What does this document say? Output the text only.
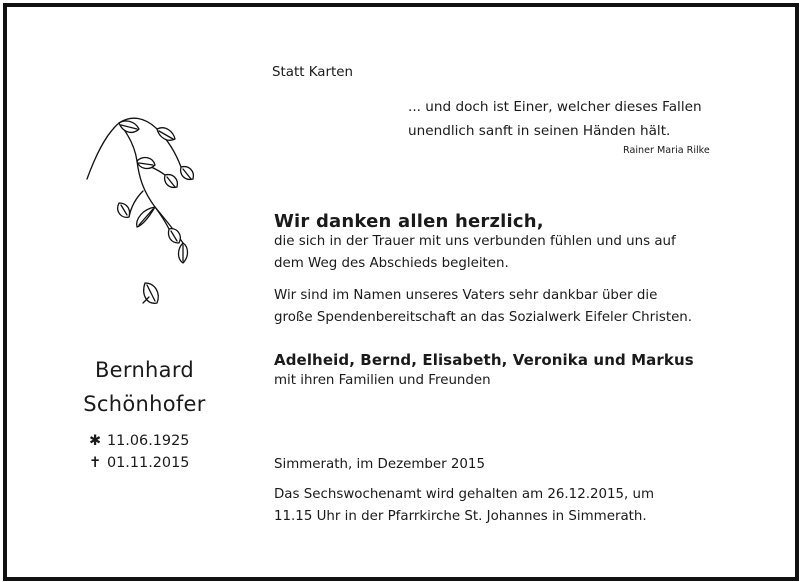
Statt Karten
... und doch ist Einer, welcher dieses Fallen
unendlich sanft in seinen Händen hält.
Rainer Maria Rilke
Wir danken allen herzlich,
die sich in der Trauer mit uns verbunden fühlen und uns auf
dem Weg des Abschieds begleiten.
Wir sind im Namen unseres Vaters sehr dankbar über die
große Spendenbereitschaft an das Sozialwerk Eifeler Christen.
Adelheid, Bernd, Elisabeth, Veronika und Markus
mit ihren Familien und Freunden
Bernhard
Schönhofer
✱ 11.06.1925
✝ 01.11.2015	Simmerath, im Dezember 2015
Das Sechswochenamt wird gehalten am 26.12.2015, um
11.15 Uhr in der Pfarrkirche St. Johannes in Simmerath.
